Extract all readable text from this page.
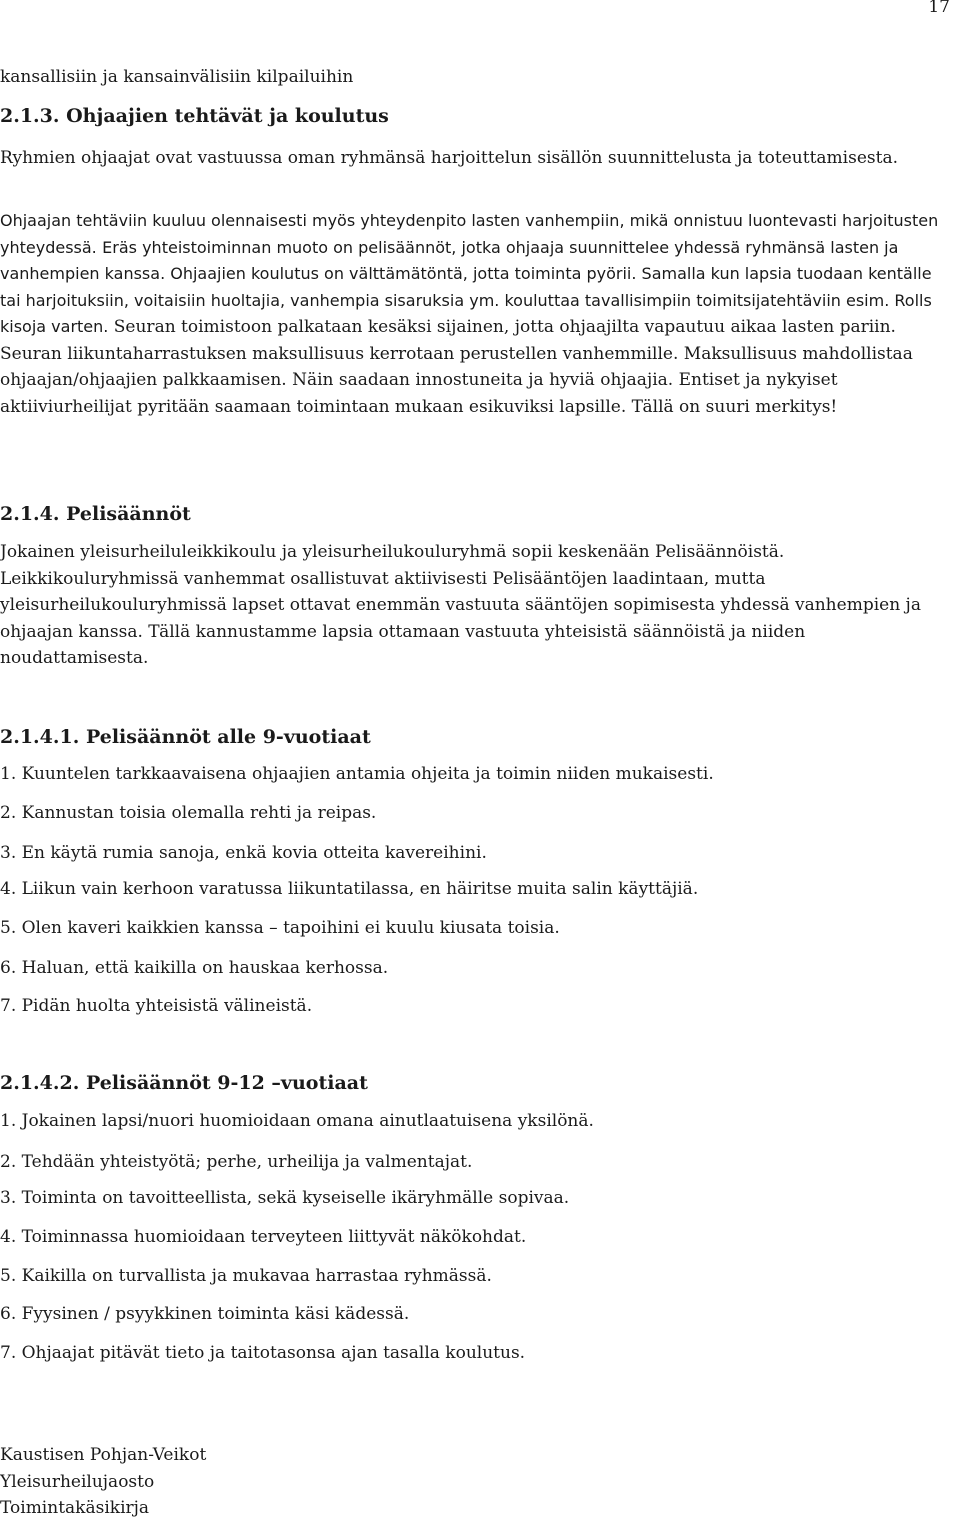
17

kansallisiin ja kansainvälisiin kilpailuihin

2.1.3. Ohjaajien tehtävät ja koulutus

Ryhmien ohjaajat ovat vastuussa oman ryhmänsä harjoittelun sisällön suunnittelusta ja toteuttamisesta.

Ohjaajan tehtäviin kuuluu olennaisesti myös yhteydenpito lasten vanhempiin, mikä onnistuu luontevasti harjoitusten yhteydessä. Eräs yhteistoiminnan muoto on pelisäännöt, jotka ohjaaja suunnittelee yhdessä ryhmänsä lasten ja vanhempien kanssa. Ohjaajien koulutus on välttämätöntä, jotta toiminta pyörii. Samalla kun lapsia tuodaan kentälle tai harjoituksiin, voitaisiin huoltajia, vanhempia sisaruksia ym. kouluttaa tavallisimpiin toimitsijatehtäviin esim. Rolls kisoja varten. Seuran toimistoon palkataan kesäksi sijainen, jotta ohjaajilta vapautuu aikaa lasten pariin. Seuran liikuntaharrastuksen maksullisuus kerrotaan perustellen vanhemmille. Maksullisuus mahdollistaa ohjaajan/ohjaajien palkkaamisen. Näin saadaan innostuneita ja hyviä ohjaajia. Entiset ja nykyiset aktiiviurheilijat pyritään saamaan toimintaan mukaan esikuviksi lapsille. Tällä on suuri merkitys!

2.1.4. Pelisäännöt

Jokainen yleisurheiluleikkikoulu ja yleisurheilukouluryhmä sopii keskenään Pelisäännöistä. Leikkikouluryhmissä vanhemmat osallistuvat aktiivisesti Pelisääntöjen laadintaan, mutta yleisurheilukouluryhmissä lapset ottavat enemmän vastuuta sääntöjen sopimisesta yhdessä vanhempien ja ohjaajan kanssa. Tällä kannustamme lapsia ottamaan vastuuta yhteisistä säännöistä ja niiden noudattamisesta.

2.1.4.1. Pelisäännöt alle 9-vuotiaat
1. Kuuntelen tarkkaavaisena ohjaajien antamia ohjeita ja toimin niiden mukaisesti.
2. Kannustan toisia olemalla rehti ja reipas.
3. En käytä rumia sanoja, enkä kovia otteita kavereihini.
4. Liikun vain kerhoon varatussa liikuntatilassa, en häiritse muita salin käyttäjiä.
5. Olen kaveri kaikkien kanssa – tapoihini ei kuulu kiusata toisia.
6. Haluan, että kaikilla on hauskaa kerhossa.
7. Pidän huolta yhteisistä välineistä.
2.1.4.2. Pelisäännöt 9-12 –vuotiaat
1. Jokainen lapsi/nuori huomioidaan omana ainutlaatuisena yksilönä.
2. Tehdään yhteistyötä; perhe, urheilija ja valmentajat.
3. Toiminta on tavoitteellista, sekä kyseiselle ikäryhmälle sopivaa.
4. Toiminnassa huomioidaan terveyteen liittyvät näkökohdat.
5. Kaikilla on turvallista ja mukavaa harrastaa ryhmässä.
6. Fyysinen / psyykkinen toiminta käsi kädessä.
7. Ohjaajat pitävät tieto ja taitotasonsa ajan tasalla koulutus.
Kaustisen Pohjan-Veikot
Yleisurheilujaosto
Toimintakäsikirja
